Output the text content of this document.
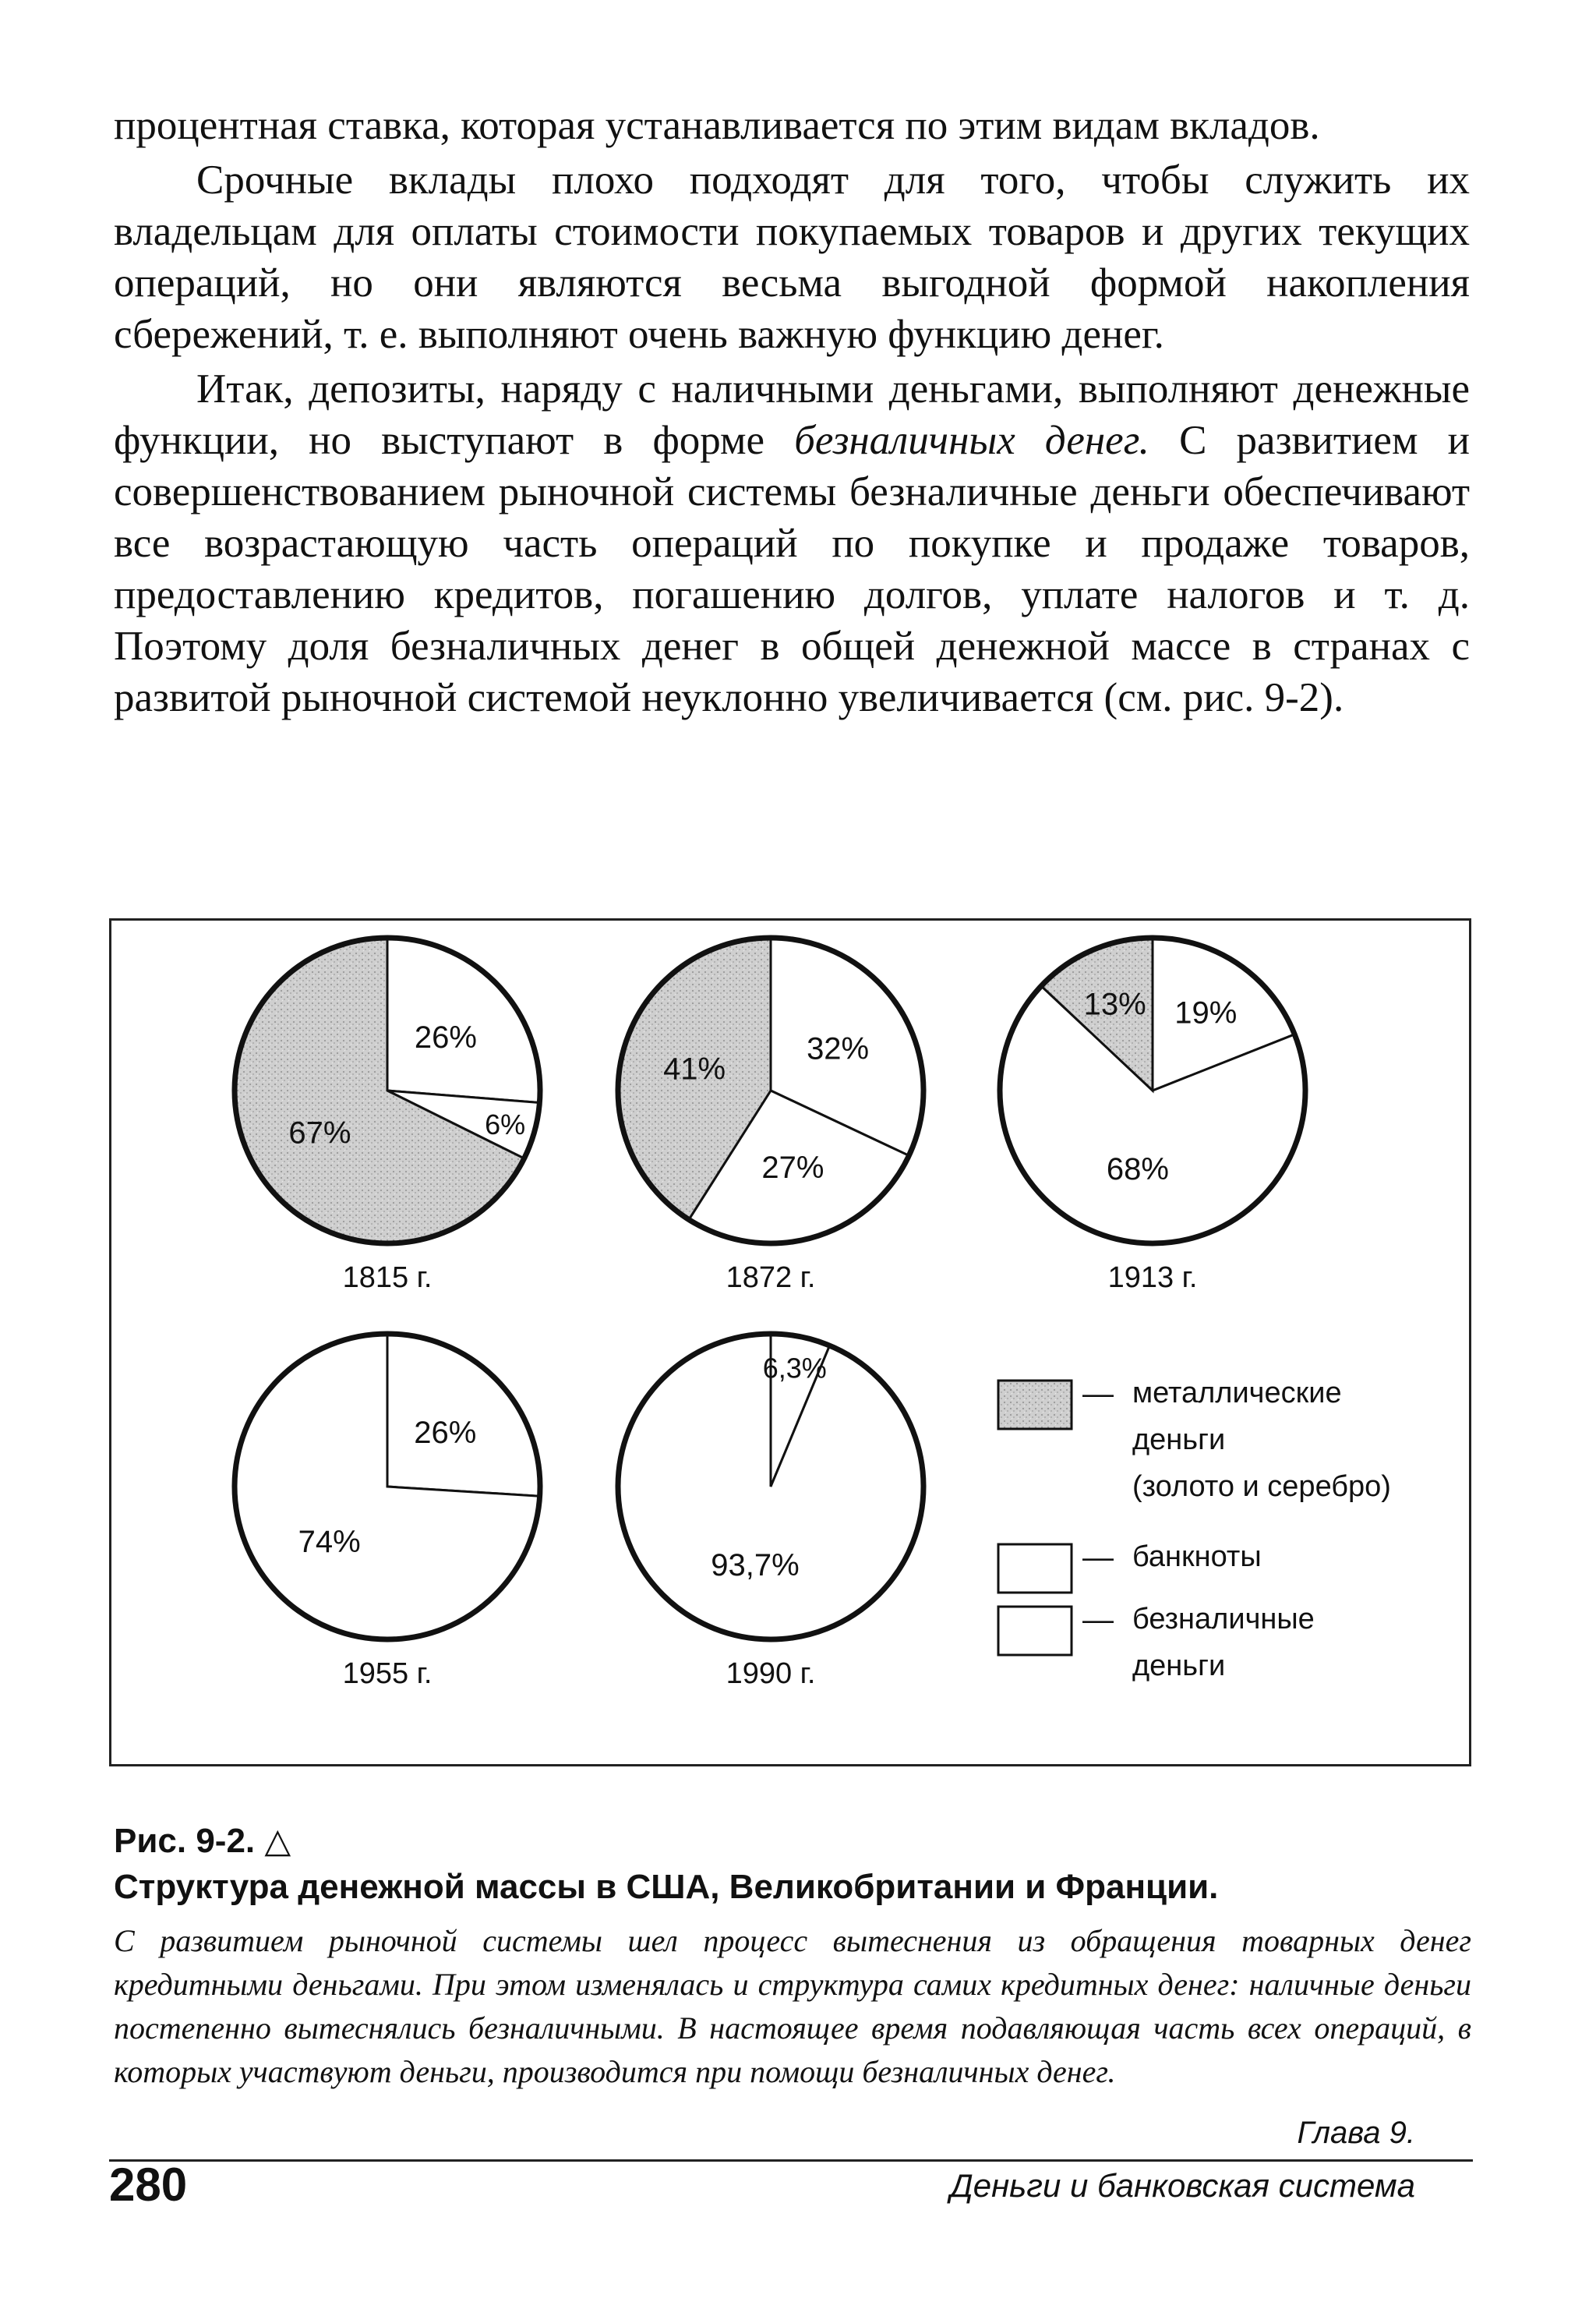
процентная ставка, которая устанавливается по этим видам вкладов.

Срочные вклады плохо подходят для того, чтобы служить их владельцам для оплаты стоимости покупаемых товаров и других текущих операций, но они являются весьма выгодной формой накопления сбережений, т. е. выполняют очень важную функцию денег.

Итак, депозиты, наряду с наличными деньгами, выполняют денежные функции, но выступают в форме безналичных денег. С развитием и совершенствованием рыночной системы безналичные деньги обеспечивают все возрастающую часть операций по покупке и продаже товаров, предоставлению кредитов, погашению долгов, уплате налогов и т. д. Поэтому доля безналичных денег в общей денежной массе в странах с развитой рыночной системой неуклонно увеличивается (см. рис. 9-2).

26%
6%
67%
1815 г.
32%
27%
41%
1872 г.
19%
68%
13%
1913 г.
26%
74%
1955 г.
6,3%
93,7%
1990 г.
— металлические
деньги
(золото и серебро)
— банкноты
— безналичные
деньги
Рис. 9-2. △
Структура денежной массы в США, Великобритании и Франции.
С развитием рыночной системы шел процесс вытеснения из обращения товарных денег кредитными деньгами. При этом изменялась и структура самих кредитных денег: наличные деньги постепенно вытеснялись безналичными. В настоящее время подавляющая часть всех операций, в которых участвуют деньги, производится при помощи безналичных денег.
Глава 9.
280	Деньги и банковская система
